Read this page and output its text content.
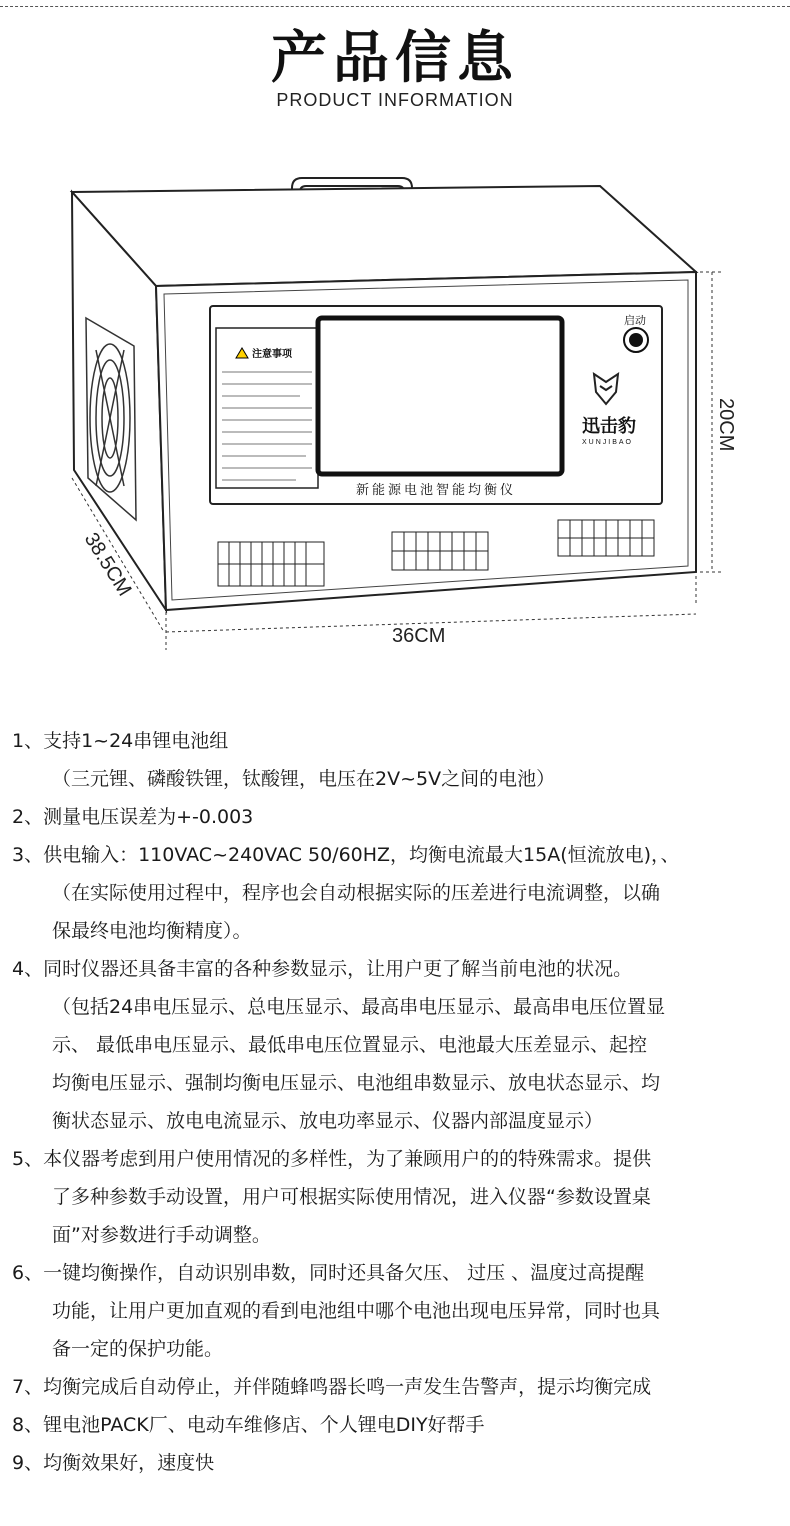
产品信息
PRODUCT INFORMATION
注意事项
启动
迅击豹
XUNJIBAO
新能源电池智能均衡仪
36CM
38.5CM
20CM

1、支持1~24串锂电池组

（三元锂、磷酸铁锂，钛酸锂，电压在2V~5V之间的电池）

2、测量电压误差为+-0.003

3、供电输入：110VAC~240VAC 50/60HZ，均衡电流最大15A(恒流放电)，、

（在实际使用过程中，程序也会自动根据实际的压差进行电流调整，以确

保最终电池均衡精度）。

4、同时仪器还具备丰富的各种参数显示，让用户更了解当前电池的状况。

（包括24串电压显示、总电压显示、最高串电压显示、最高串电压位置显

示、 最低串电压显示、最低串电压位置显示、电池最大压差显示、起控

均衡电压显示、强制均衡电压显示、电池组串数显示、放电状态显示、均

衡状态显示、放电电流显示、放电功率显示、仪器内部温度显示）

5、本仪器考虑到用户使用情况的多样性，为了兼顾用户的的特殊需求。提供

了多种参数手动设置，用户可根据实际使用情况，进入仪器“参数设置桌

面”对参数进行手动调整。

6、一键均衡操作，自动识别串数，同时还具备欠压、 过压 、温度过高提醒

功能，让用户更加直观的看到电池组中哪个电池出现电压异常，同时也具

备一定的保护功能。

7、均衡完成后自动停止，并伴随蜂鸣器长鸣一声发生告警声，提示均衡完成

8、锂电池PACK厂、电动车维修店、个人锂电DIY好帮手

9、均衡效果好，速度快
